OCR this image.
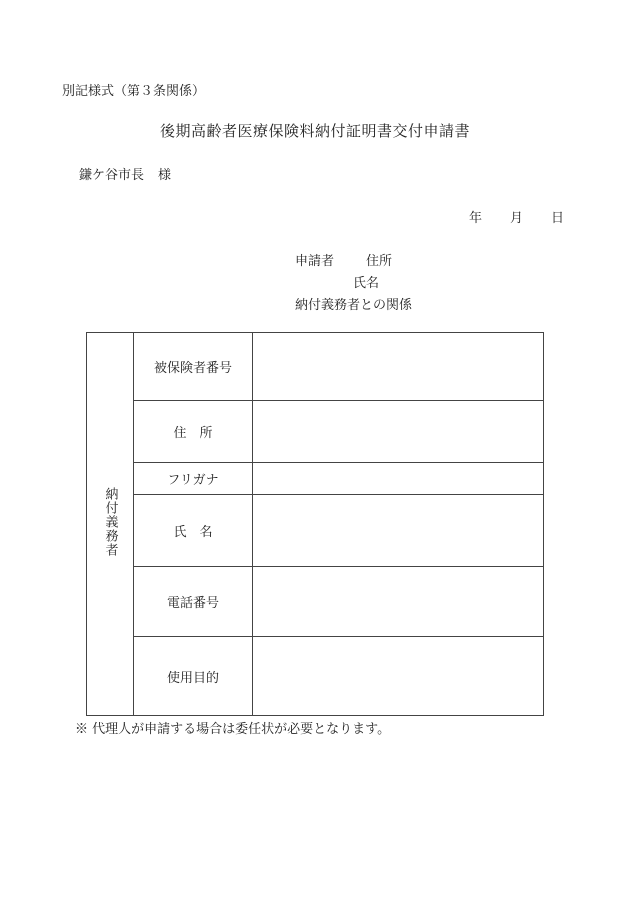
別記様式（第３条関係）
後期高齢者医療保険料納付証明書交付申請書
鎌ケ谷市長 様
年 月 日
申請者 住所
氏名
納付義務者との関係
納付義務者	被保険者番号	
	住　所	
	フリガナ	
	氏　名	
	電話番号	
	使用目的	
※ 代理人が申請する場合は委任状が必要となります。
